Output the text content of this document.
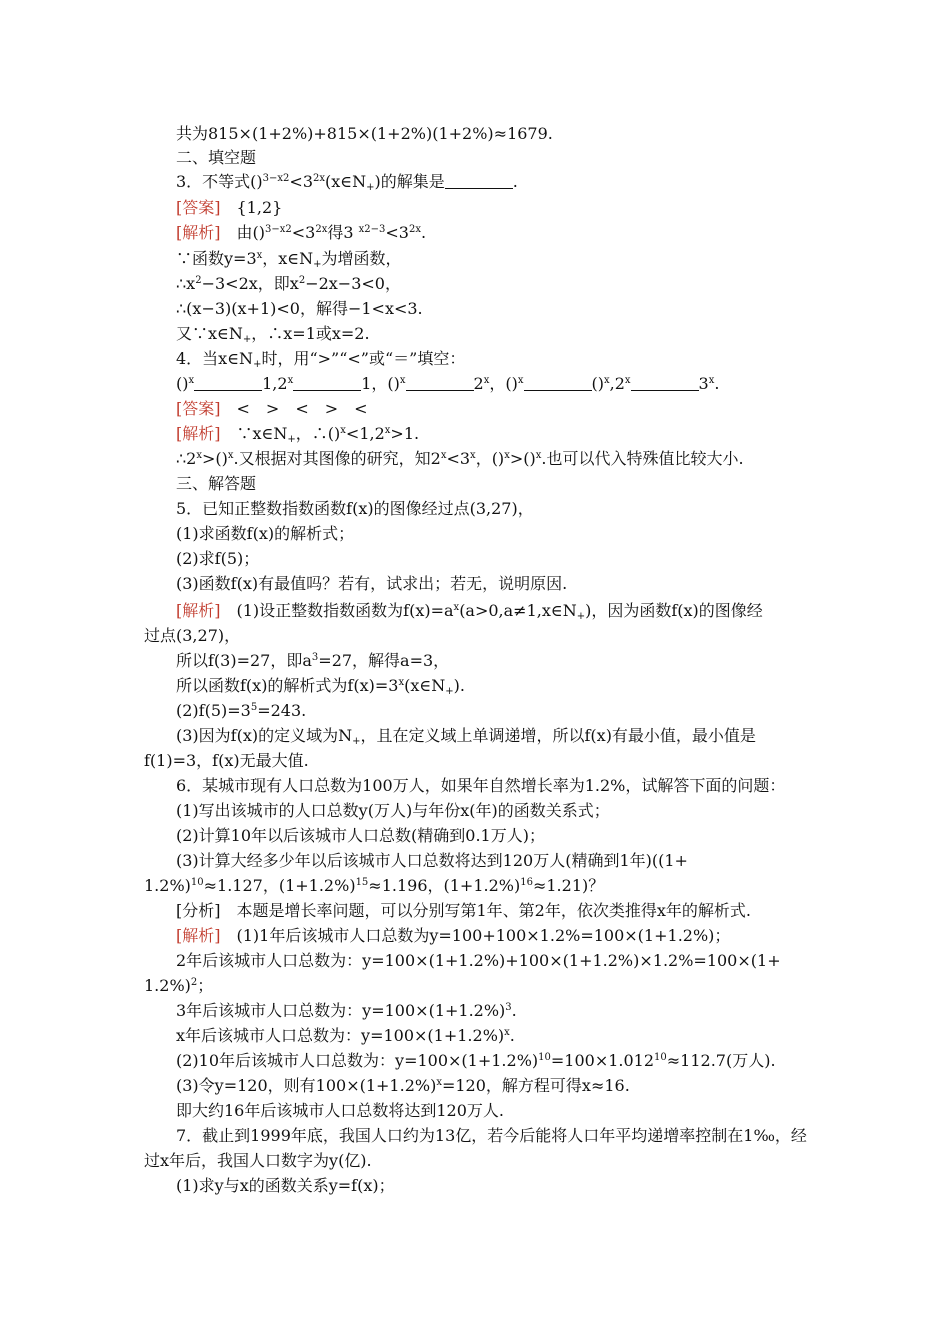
共为815×(1+2%)+815×(1+2%)(1+2%)≈1679.
二、填空题
3．不等式$()^{3-x2}<3^{2x}(x\in N_+)$的解集是	.
[答案]　{1,2}
[解析]　由$()^{3-x2}<3^{2x}$得3 $^{x2-3}<3^{2x}$.
∵函数$y=3^x$，$x\in N_+$为增函数，
$\therefore x^2-3<2x$，即$x^2-2x-3<0$，
∴(x−3)(x+1)<0，解得−1<x<3.
又$\because x\in N_+$，∴x=1或x=2.
4．当$x\in N_+$时，用“>”“<”或“＝”填空：
()$^x$	1,2$^x$	1，()$^x$	2$^x$，()$^x$	()$^x$,2$^x$	3$^x$.
[答案]　<　>　<　>　<
[解析]　$\because x\in N_+$，$\therefore()^x<1,2^x>1$.
$\therefore 2^x>()^x$.又根据对其图像的研究，知$2^x<3^x$，()$^x$>()$^x$.也可以代入特殊值比较大小.
三、解答题
5．已知正整数指数函数f(x)的图像经过点(3,27)，
(1)求函数f(x)的解析式；
(2)求f(5)；
(3)函数f(x)有最值吗？若有，试求出；若无，说明原因.
[解析]　(1)设正整数指数函数为$f(x)=a^x(a>0,a\ne 1,x\in N_+)$，因为函数f(x)的图像经
过点(3,27)，
所以f(3)=27，即$a^3=27$，解得a=3，
所以函数f(x)的解析式为$f(x)=3^x(x\in N_+)$.
$(2)f(5)=3^5=243$.
(3)因为f(x)的定义域为$N_+$，且在定义域上单调递增，所以f(x)有最小值，最小值是
f(1)=3，f(x)无最大值.
6．某城市现有人口总数为100万人，如果年自然增长率为1.2%，试解答下面的问题：
(1)写出该城市的人口总数y(万人)与年份x(年)的函数关系式；
(2)计算10年以后该城市人口总数(精确到0.1万人)；
(3)计算大经多少年以后该城市人口总数将达到120万人(精确到1年)((1+
1.2%)$^{10}$≈1.127，$(1+1.2\%)^{15}\approx 1.196$，$(1+1.2\%)^{16}\approx 1.21$)？
[分析]　本题是增长率问题，可以分别写第1年、第2年，依次类推得x年的解析式.
[解析]　(1)1年后该城市人口总数为y=100+100×1.2%=100×(1+1.2%)；
2年后该城市人口总数为：y=100×(1+1.2%)+100×(1+1.2%)×1.2%=100×(1+
1.2%)$^2$；
3年后该城市人口总数为：$y=100\times(1+1.2\%)^3$.
x年后该城市人口总数为：$y=100\times(1+1.2\%)^x$.
(2)10年后该城市人口总数为：$y=100\times(1+1.2\%)^{10}=100\times 1.012^{10}\approx 112.7$(万人).
(3)令y=120，则有$100\times(1+1.2\%)^x=120$，解方程可得x≈16.
即大约16年后该城市人口总数将达到120万人.
7．截止到1999年底，我国人口约为13亿，若今后能将人口年平均递增率控制在1‰，经
过x年后，我国人口数字为y(亿).
(1)求y与x的函数关系y=f(x)；
